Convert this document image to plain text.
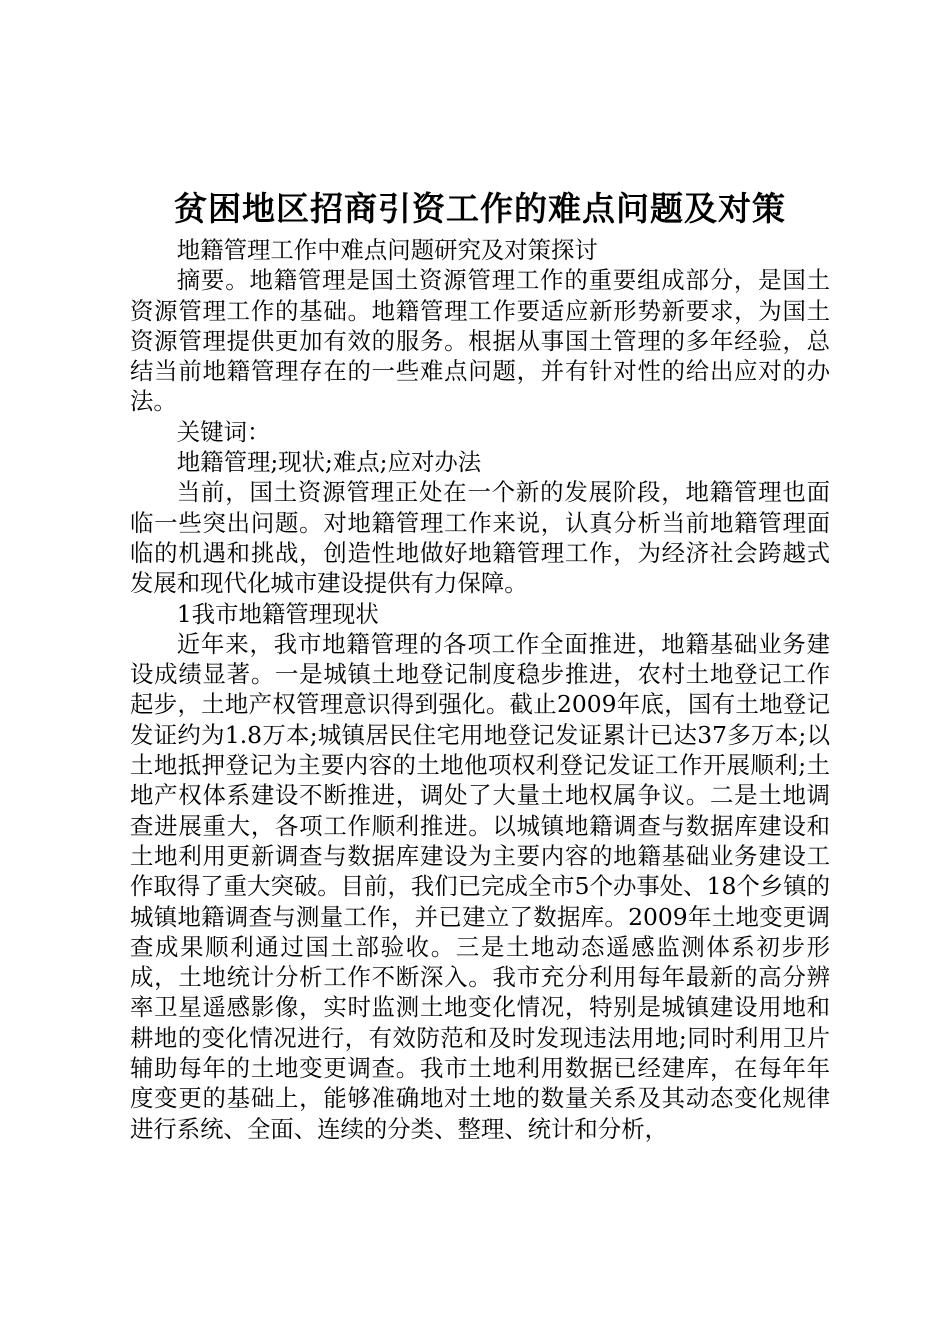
贫困地区招商引资工作的难点问题及对策

地籍管理工作中难点问题研究及对策探讨

摘要。地籍管理是国土资源管理工作的重要组成部分，是国土资源管理工作的基础。地籍管理工作要适应新形势新要求，为国土资源管理提供更加有效的服务。根据从事国土管理的多年经验，总结当前地籍管理存在的一些难点问题，并有针对性的给出应对的办法。

关键词：

地籍管理;现状;难点;应对办法

当前，国土资源管理正处在一个新的发展阶段，地籍管理也面临一些突出问题。对地籍管理工作来说，认真分析当前地籍管理面临的机遇和挑战，创造性地做好地籍管理工作，为经济社会跨越式发展和现代化城市建设提供有力保障。

1我市地籍管理现状

近年来，我市地籍管理的各项工作全面推进，地籍基础业务建设成绩显著。一是城镇土地登记制度稳步推进，农村土地登记工作起步，土地产权管理意识得到强化。截止2009年底，国有土地登记发证约为1.8万本;城镇居民住宅用地登记发证累计已达37多万本;以土地抵押登记为主要内容的土地他项权利登记发证工作开展顺利;土地产权体系建设不断推进，调处了大量土地权属争议。二是土地调查进展重大，各项工作顺利推进。以城镇地籍调查与数据库建设和土地利用更新调查与数据库建设为主要内容的地籍基础业务建设工作取得了重大突破。目前，我们已完成全市5个办事处、18个乡镇的城镇地籍调查与测量工作，并已建立了数据库。2009年土地变更调查成果顺利通过国土部验收。三是土地动态遥感监测体系初步形成，土地统计分析工作不断深入。我市充分利用每年最新的高分辨率卫星遥感影像，实时监测土地变化情况，特别是城镇建设用地和耕地的变化情况进行，有效防范和及时发现违法用地;同时利用卫片辅助每年的土地变更调查。我市土地利用数据已经建库，在每年年度变更的基础上，能够准确地对土地的数量关系及其动态变化规律进行系统、全面、连续的分类、整理、统计和分析，
